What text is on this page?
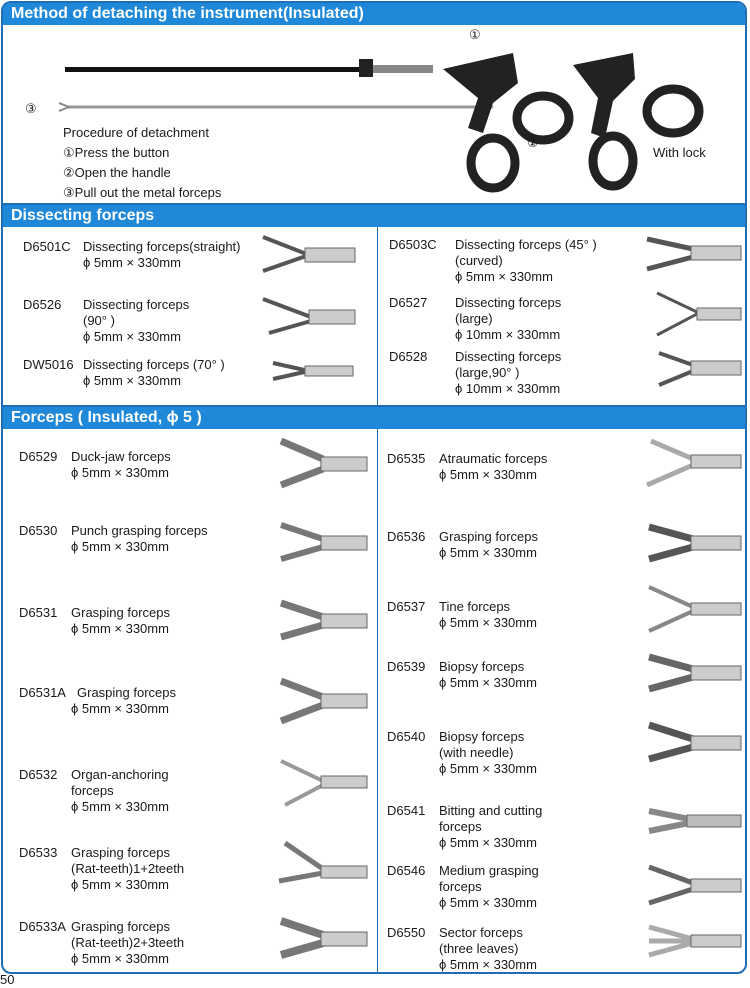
Method of detaching the instrument(Insulated)
①
②
③
With lock
Procedure of detachment
①Press the button
②Open the handle
③Pull out the metal forceps
Dissecting forceps
D6501C Dissecting forceps(straight)
ϕ 5mm × 330mm
D6526 Dissecting forceps
(90° )
ϕ 5mm × 330mm
DW5016 Dissecting forceps (70° )
ϕ 5mm × 330mm
D6503C Dissecting forceps (45° )
(curved)
ϕ 5mm × 330mm
D6527 Dissecting forceps
(large)
ϕ 10mm × 330mm
D6528 Dissecting forceps
(large,90° )
ϕ 10mm × 330mm
Forceps ( Insulated, ϕ 5 )
D6529 Duck-jaw forceps
ϕ 5mm × 330mm
D6530 Punch grasping forceps
ϕ 5mm × 330mm
D6531 Grasping forceps
ϕ 5mm × 330mm
D6531A
ϕ 5mm × 330mm
Grasping forceps
D6532 Organ-anchoring
forceps
ϕ 5mm × 330mm
D6533 Grasping forceps
(Rat-teeth)1+2teeth
ϕ 5mm × 330mm
D6533A Grasping forceps
(Rat-teeth)2+3teeth
ϕ 5mm × 330mm
D6535 Atraumatic forceps
ϕ 5mm × 330mm
D6536 Grasping forceps
ϕ 5mm × 330mm
D6537 Tine forceps
ϕ 5mm × 330mm
D6539 Biopsy forceps
ϕ 5mm × 330mm
D6540 Biopsy forceps
(with needle)
ϕ 5mm × 330mm
D6541 Bitting and cutting
forceps
ϕ 5mm × 330mm
D6546 Medium grasping
forceps
ϕ 5mm × 330mm
D6550 Sector forceps
(three leaves)
ϕ 5mm × 330mm
50
